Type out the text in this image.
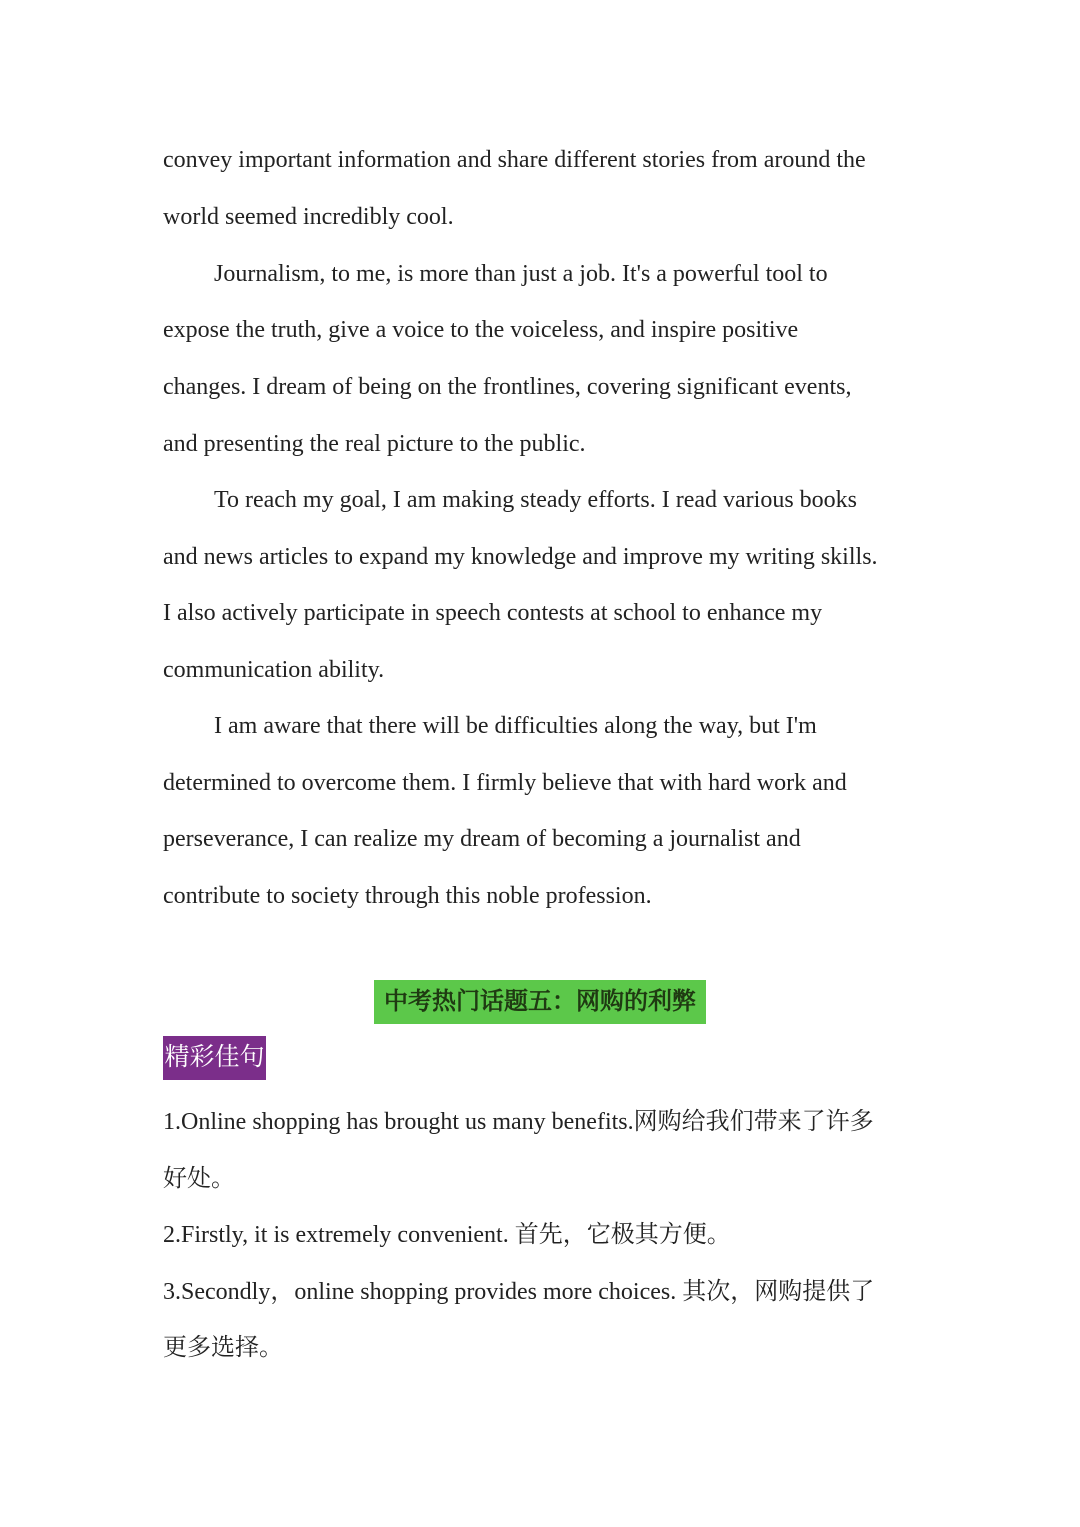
convey important information and share different stories from around the
world seemed incredibly cool.
Journalism, to me, is more than just a job. It's a powerful tool to
expose the truth, give a voice to the voiceless, and inspire positive
changes. I dream of being on the frontlines, covering significant events,
and presenting the real picture to the public.
To reach my goal, I am making steady efforts. I read various books
and news articles to expand my knowledge and improve my writing skills.
I also actively participate in speech contests at school to enhance my
communication ability.
I am aware that there will be difficulties along the way, but I'm
determined to overcome them. I firmly believe that with hard work and
perseverance, I can realize my dream of becoming a journalist and
contribute to society through this noble profession.
中考热门话题五：网购的利弊
精彩佳句
1.Online shopping has brought us many benefits.网购给我们带来了许多
好处。
2.Firstly, it is extremely convenient. 首先，它极其方便。
3.Secondly，online shopping provides more choices. 其次，网购提供了
更多选择。
